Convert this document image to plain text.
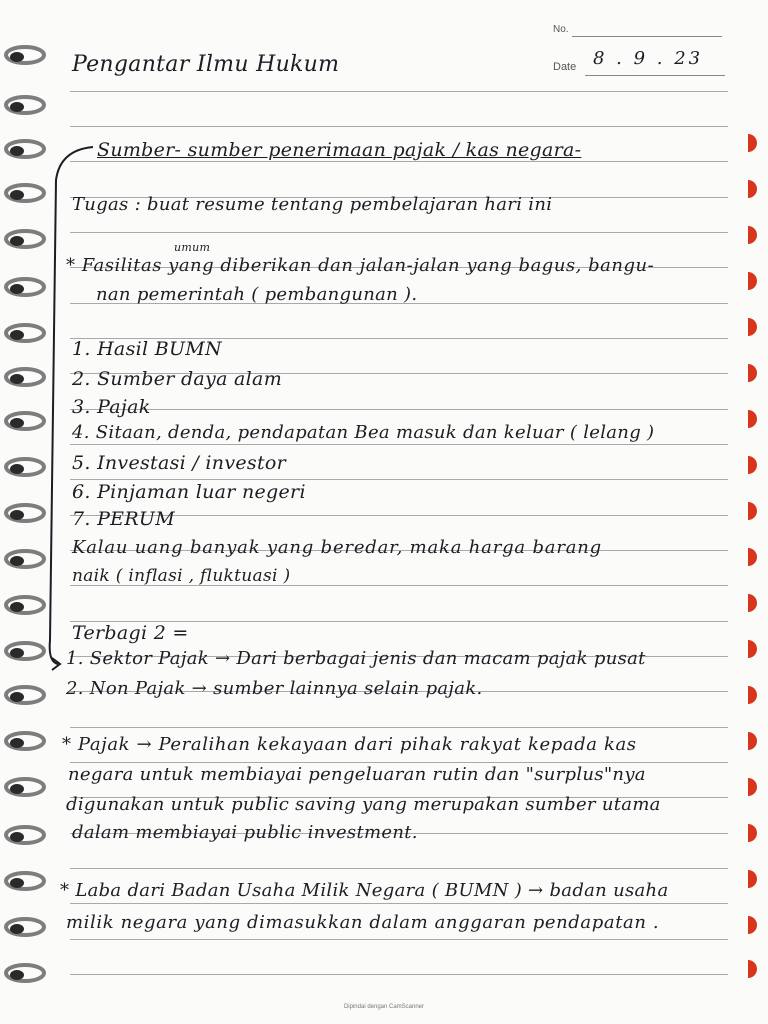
No.
Date 8 . 9 . 23
Pengantar Ilmu Hukum
Sumber- sumber penerimaan pajak / kas negara-
Tugas : buat resume tentang pembelajaran hari ini
umum
* Fasilitas yang diberikan dan jalan-jalan yang bagus, bangu-
nan pemerintah ( pembangunan ).
1. Hasil BUMN
2. Sumber daya alam
3. Pajak
4. Sitaan, denda, pendapatan Bea masuk dan keluar ( lelang )
5. Investasi / investor
6. Pinjaman luar negeri
7. PERUM
Kalau uang banyak yang beredar, maka harga barang
naik ( inflasi , fluktuasi )
Terbagi 2 =
1. Sektor Pajak → Dari berbagai jenis dan macam pajak pusat
2. Non Pajak → sumber lainnya selain pajak.
* Pajak → Peralihan kekayaan dari pihak rakyat kepada kas
negara untuk membiayai pengeluaran rutin dan "surplus"nya
digunakan untuk public saving yang merupakan sumber utama
dalam membiayai public investment.
* Laba dari Badan Usaha Milik Negara ( BUMN ) → badan usaha
milik negara yang dimasukkan dalam anggaran pendapatan .
Dipindai dengan CamScanner
